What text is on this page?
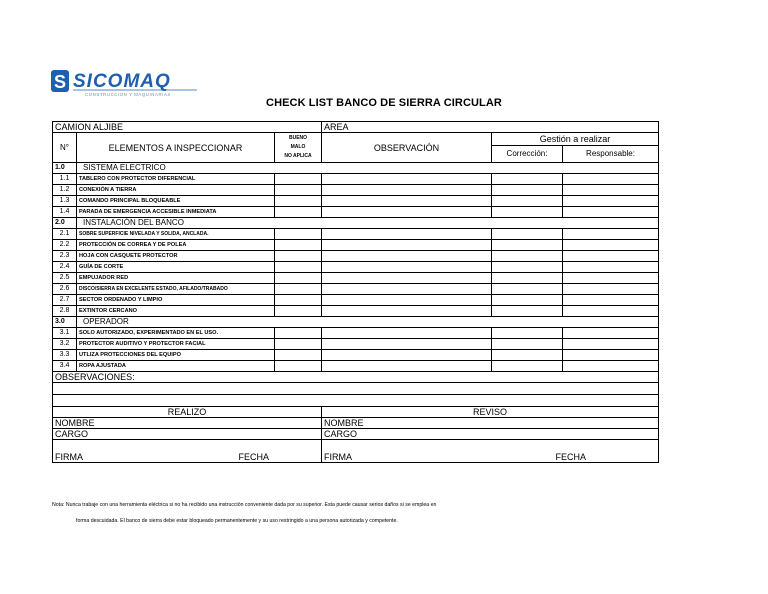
S SICOMAQ
CONSTRUCCION Y MAQUINARIAS
CHECK LIST BANCO DE SIERRA CIRCULAR
CAMION ALJIBE			AREA		
N°	ELEMENTOS A INSPECCIONAR	BUENO
MALO
NO APLICA	OBSERVACIÓN	Gestión a realizar	
				Corrección:	Responsable:
1.0	SISTEMA ELECTRICO				
1.1	TABLERO CON PROTECTOR DIFERENCIAL				
1.2	CONEXIÓN A TIERRA				
1.3	COMANDO PRINCIPAL BLOQUEABLE				
1.4	PARADA DE EMERGENCIA ACCESIBLE INMEDIATA				
2.0	INSTALACIÓN DEL BANCO				
2.1	SOBRE SUPERFICIE NIVELADA Y SOLIDA, ANCLADA.				
2.2	PROTECCIÓN DE CORREA Y DE POLEA				
2.3	HOJA CON CASQUETE PROTECTOR				
2.4	GUÍA DE CORTE				
2.5	EMPUJADOR RED				
2.6	DISCO/SIERRA EN EXCELENTE ESTADO, AFILADO/TRABADO				
2.7	SECTOR ORDENADO Y LIMPIO				
2.8	EXTINTOR CERCANO				
3.0	OPERADOR				
3.1	SOLO AUTORIZADO, EXPERIMENTADO EN EL USO.				
3.2	PROTECTOR AUDITIVO Y PROTECTOR FACIAL				
3.3	UTLIZA PROTECCIONES DEL EQUIPO				
3.4	ROPA AJUSTADA				
OBSERVACIONES:					

REALIZO			REVISO		
NOMBRE			NOMBRE		
CARGO			CARGO		
FIRMA FECHA			FIRMA FECHA		
Nota: Nunca trabaje con una herramienta eléctrica si no ha recibido una instrucción conveniente dada por su superior. Esta puede causar serios daños si se emplea en
forma descuidada. El banco de sierra debe estar bloqueado permanentemente y su uso restringido a una persona autorizada y competente.
